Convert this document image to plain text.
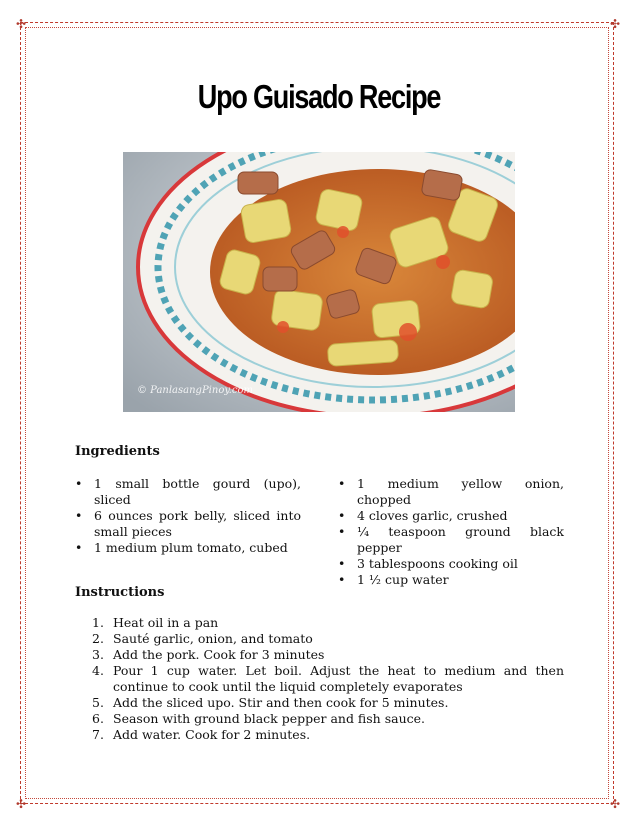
✣	✣
✣	✣
Upo Guisado Recipe
© PanlasangPinoy.com
Ingredients
• 1 small bottle gourd (upo), sliced
• 6 ounces pork belly, sliced into small pieces
• 1 medium plum tomato, cubed
• 1 medium yellow onion, chopped
• 4 cloves garlic, crushed
• ¼ teaspoon ground black pepper
• 3 tablespoons cooking oil
• 1 ½ cup water
Instructions
1. Heat oil in a pan
2. Sauté garlic, onion, and tomato
3. Add the pork. Cook for 3 minutes
4. Pour 1 cup water. Let boil. Adjust the heat to medium and then continue to cook until the liquid completely evaporates
5. Add the sliced upo. Stir and then cook for 5 minutes.
6. Season with ground black pepper and fish sauce.
7. Add water. Cook for 2 minutes.
